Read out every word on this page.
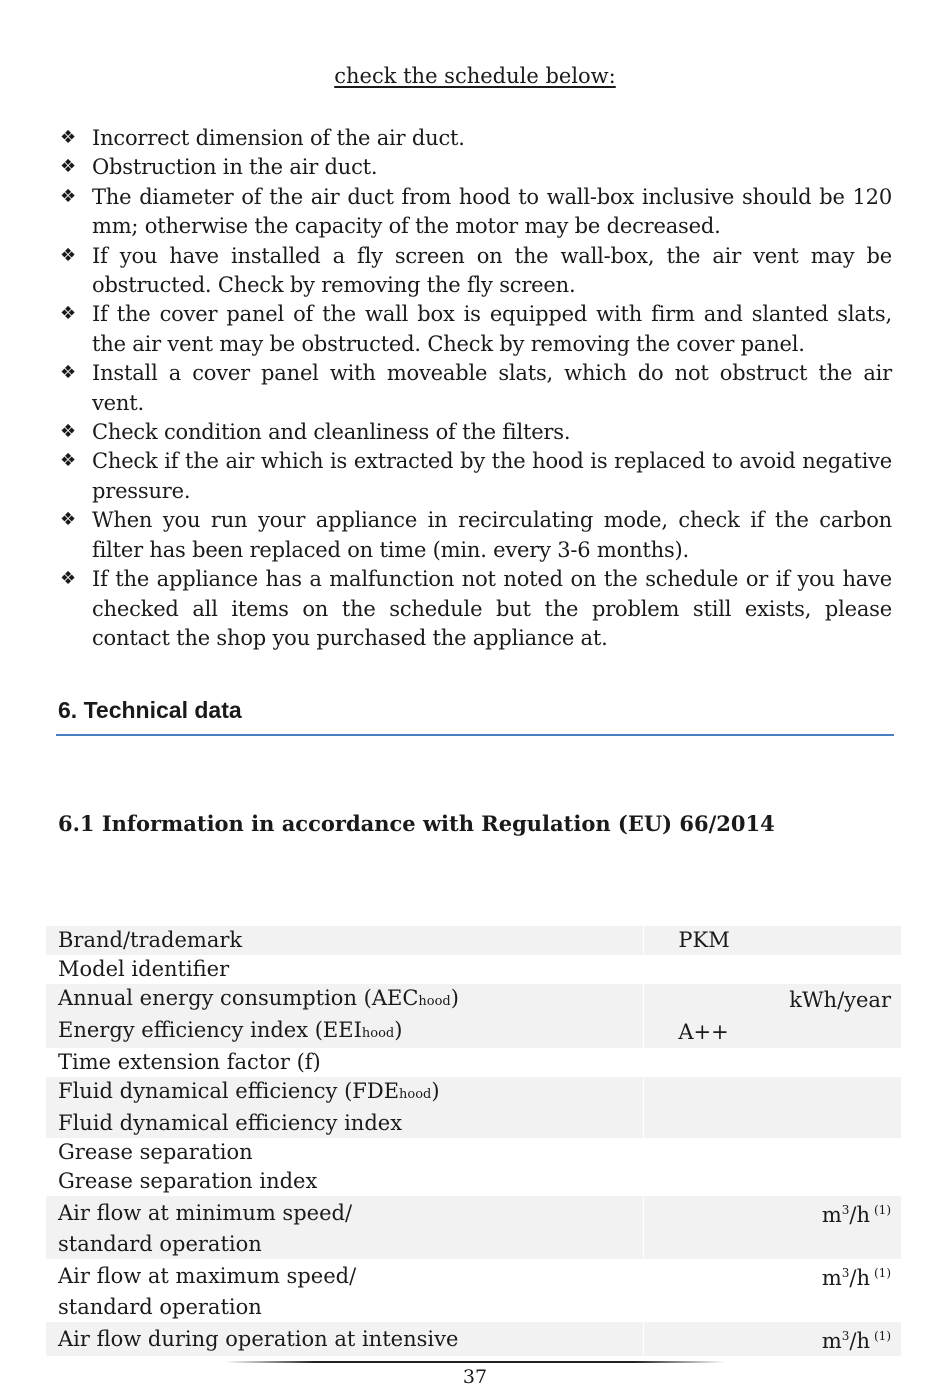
check the schedule below:
❖ Incorrect dimension of the air duct.
❖ Obstruction in the air duct.
❖ The diameter of the air duct from hood to wall-box inclusive should be 120 mm; otherwise the capacity of the motor may be decreased.
❖ If you have installed a fly screen on the wall-box, the air vent may be obstructed. Check by removing the fly screen.
❖ If the cover panel of the wall box is equipped with firm and slanted slats, the air vent may be obstructed. Check by removing the cover panel.
❖ Install a cover panel with moveable slats, which do not obstruct the air vent.
❖ Check condition and cleanliness of the filters.
❖ Check if the air which is extracted by the hood is replaced to avoid negative pressure.
❖ When you run your appliance in recirculating mode, check if the carbon filter has been replaced on time (min. every 3-6 months).
❖ If the appliance has a malfunction not noted on the schedule or if you have checked all items on the schedule but the problem still exists, please contact the shop you purchased the appliance at.
6. Technical data
6.1 Information in accordance with Regulation (EU) 66/2014
Brand/trademark		PKM	
Model identifier			
Annual energy consumption (AEChood)			kWh/year
Energy efficiency index (EEIhood)		A++	
Time extension factor (f)			
Fluid dynamical efficiency (FDEhood)			
Fluid dynamical efficiency index			
Grease separation			
Grease separation index			
Air flow at minimum speed/			$m^3/h$ $^{(1)}$
standard operation			
Air flow at maximum speed/			$m^3/h$ $^{(1)}$
standard operation			
Air flow during operation at intensive			$m^3/h$ $^{(1)}$
37
